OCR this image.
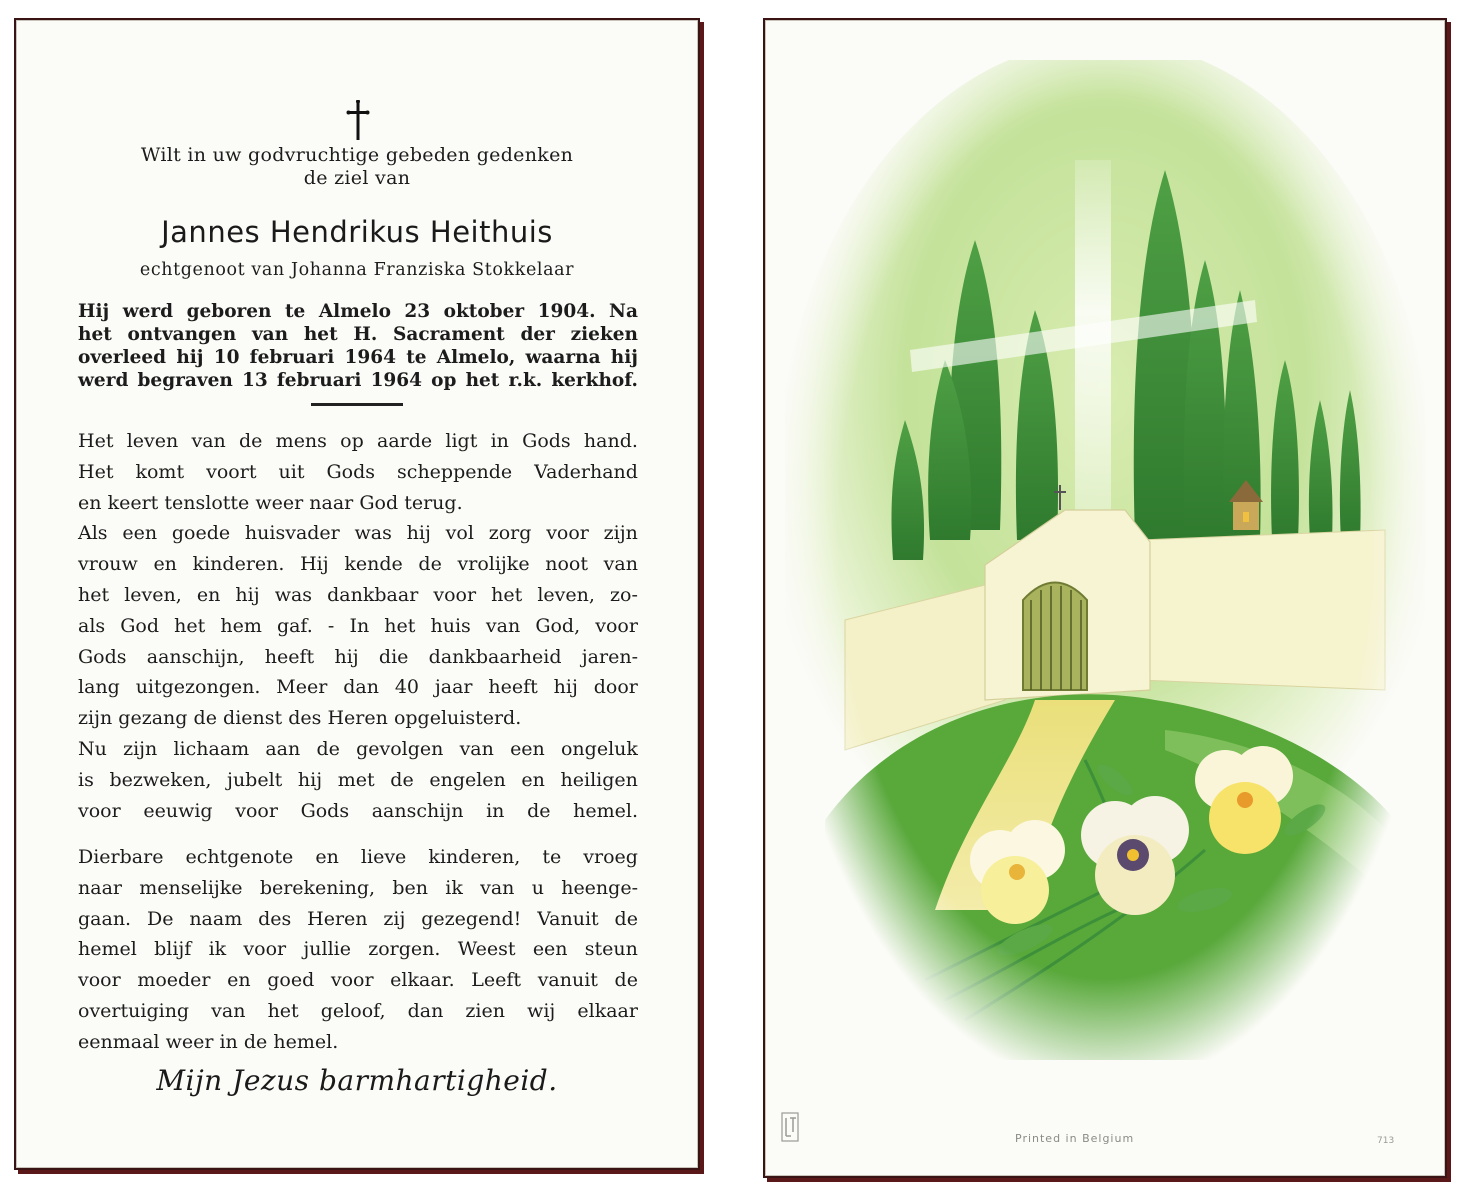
Wilt in uw godvruchtige gebeden gedenken
de ziel van
Jannes Hendrikus Heithuis
echtgenoot van Johanna Franziska Stokkelaar
Hij werd geboren te Almelo 23 oktober 1904. Na
het ontvangen van het H. Sacrament der zieken
overleed hij 10 februari 1964 te Almelo, waarna hij
werd begraven 13 februari 1964 op het r.k. kerkhof.
Het leven van de mens op aarde ligt in Gods hand.
Het komt voort uit Gods scheppende Vaderhand
en keert tenslotte weer naar God terug.
Als een goede huisvader was hij vol zorg voor zijn
vrouw en kinderen. Hij kende de vrolijke noot van
het leven, en hij was dankbaar voor het leven, zo-
als God het hem gaf. - In het huis van God, voor
Gods aanschijn, heeft hij die dankbaarheid jaren-
lang uitgezongen. Meer dan 40 jaar heeft hij door
zijn gezang de dienst des Heren opgeluisterd.
Nu zijn lichaam aan de gevolgen van een ongeluk
is bezweken, jubelt hij met de engelen en heiligen
voor eeuwig voor Gods aanschijn in de hemel.
Dierbare echtgenote en lieve kinderen, te vroeg
naar menselijke berekening, ben ik van u heenge-
gaan. De naam des Heren zij gezegend! Vanuit de
hemel blijf ik voor jullie zorgen. Weest een steun
voor moeder en goed voor elkaar. Leeft vanuit de
overtuiging van het geloof, dan zien wij elkaar
eenmaal weer in de hemel.
Mijn Jezus barmhartigheid.
Printed in Belgium	713
